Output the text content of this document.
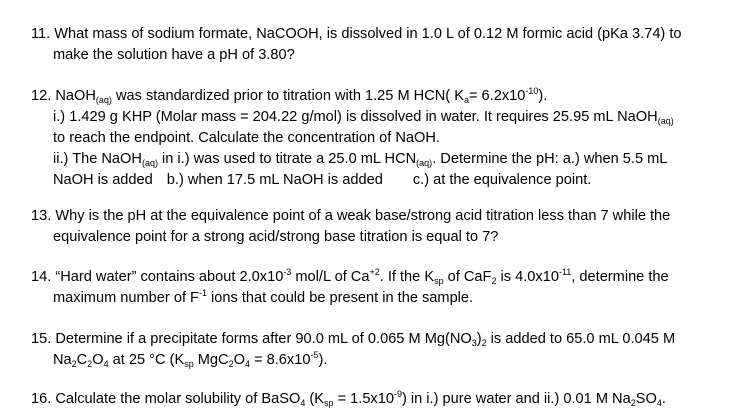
11. What mass of sodium formate, NaCOOH, is dissolved in 1.0 L of 0.12 M formic acid (pKa 3.74) to
make the solution have a pH of 3.80?
12. NaOH$_{(aq)}$ was standardized prior to titration with 1.25 M HCN( $K_a= 6.2x10^{-10}$).
i.) 1.429 g KHP (Molar mass = 204.22 g/mol) is dissolved in water. It requires 25.95 mL NaOH$_{(aq)}$
to reach the endpoint. Calculate the concentration of NaOH.
ii.) The NaOH$_{(aq)}$ in i.) was used to titrate a 25.0 mL $HCN_{(aq)}$. Determine the pH: a.) when 5.5 mL
NaOH is added b.) when 17.5 mL NaOH is added c.) at the equivalence point.
13. Why is the pH at the equivalence point of a weak base/strong acid titration less than 7 while the
equivalence point for a strong acid/strong base titration is equal to 7?
14. “Hard water” contains about $2.0x10^{-3}$ mol/L of $Ca^{+2}$. If the $K_{sp}$ of CaF$_2$ is $4.0x10^{-11}$, determine the
maximum number of $F^{-1}$ ions that could be present in the sample.
15. Determine if a precipitate forms after 90.0 mL of 0.065 M $Mg(NO_3)_2$ is added to 65.0 mL 0.045 M
$Na_2C_2O_4$ at 25 °C ($K_{sp}$ $MgC_2O_4 = 8.6x10^{-5}$).
16. Calculate the molar solubility of BaSO$_4$ $(K_{sp} = 1.5x10^{-9})$ in i.) pure water and ii.) 0.01 M $Na_2SO_4$.
